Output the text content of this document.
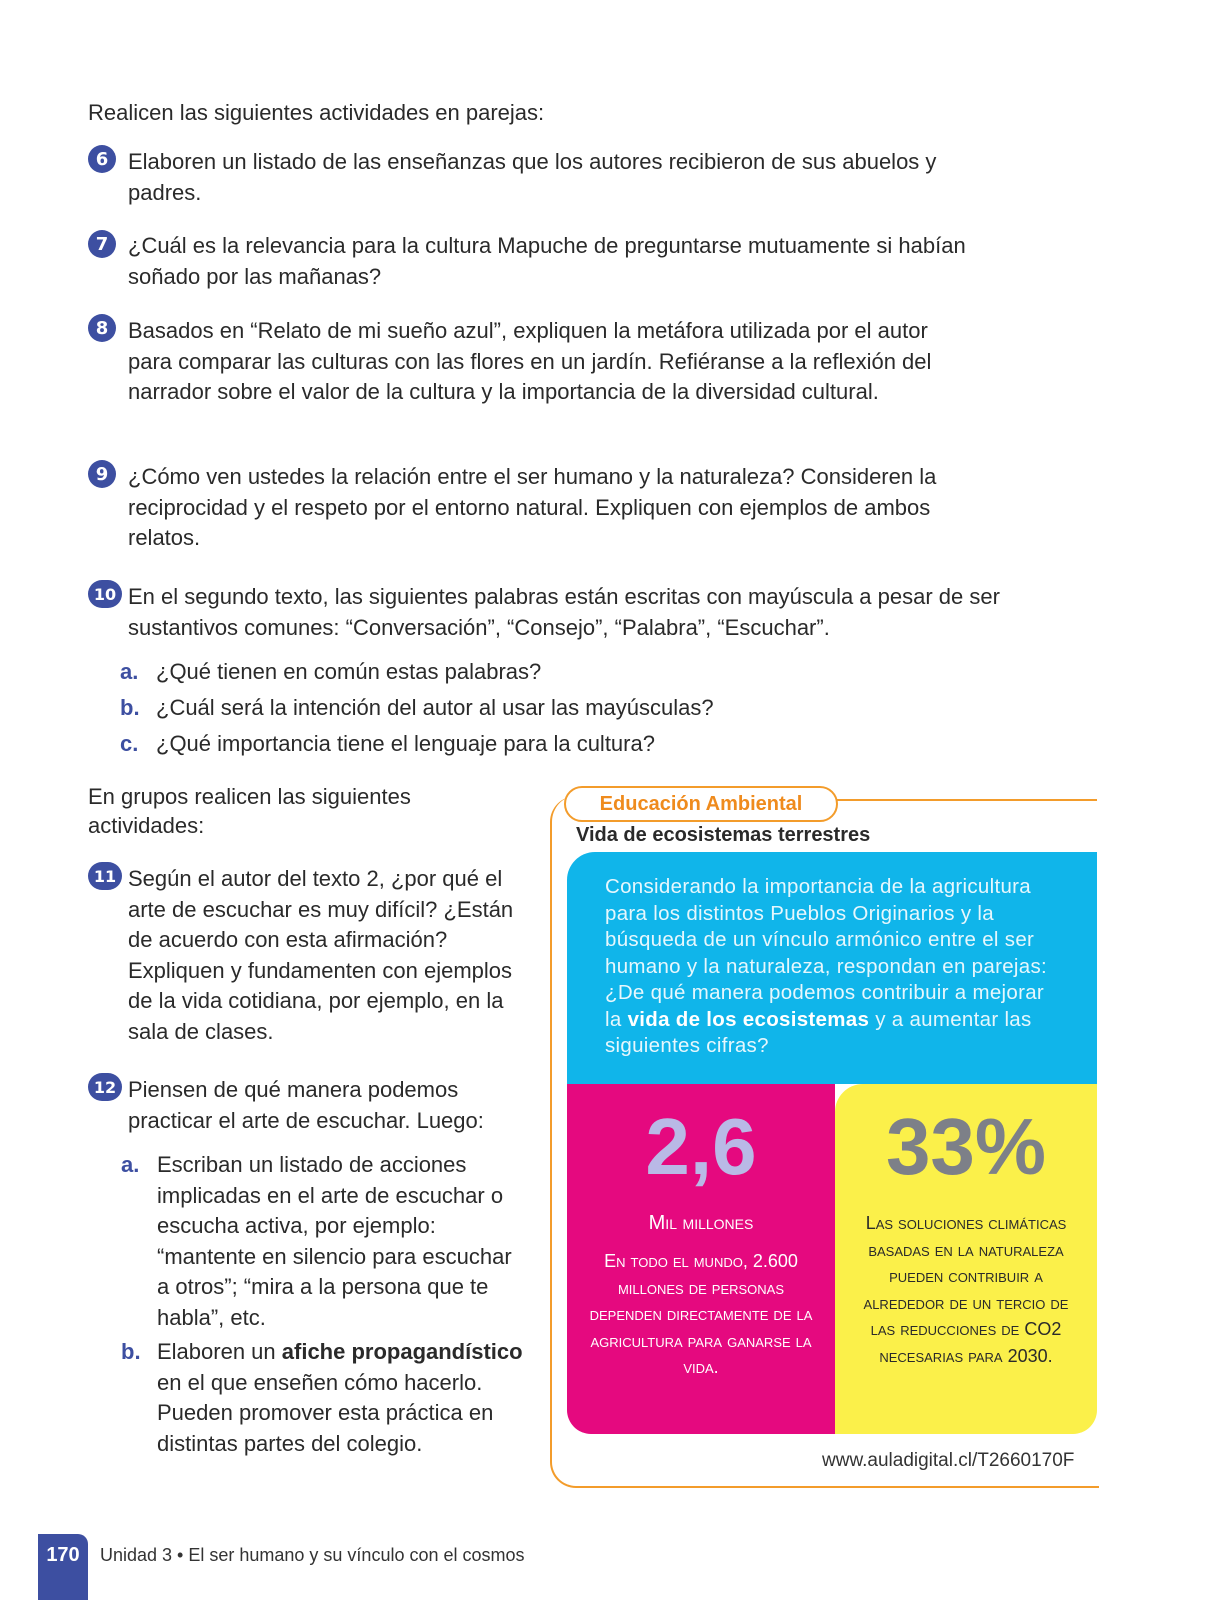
Realicen las siguientes actividades en parejas:

6 Elaboren un listado de las enseñanzas que los autores recibieron de sus abuelos y padres.

7 ¿Cuál es la relevancia para la cultura Mapuche de preguntarse mutuamente si habían soñado por las mañanas?

8 Basados en “Relato de mi sueño azul”, expliquen la metáfora utilizada por el autor para comparar las culturas con las flores en un jardín. Refiéranse a la reflexión del narrador sobre el valor de la cultura y la importancia de la diversidad cultural.

9 ¿Cómo ven ustedes la relación entre el ser humano y la naturaleza? Consideren la reciprocidad y el respeto por el entorno natural. Expliquen con ejemplos de ambos relatos.

10 En el segundo texto, las siguientes palabras están escritas con mayúscula a pesar de ser sustantivos comunes: “Conversación”, “Consejo”, “Palabra”, “Escuchar”.

a. ¿Qué tienen en común estas palabras?
b. ¿Cuál será la intención del autor al usar las mayúsculas?
c. ¿Qué importancia tiene el lenguaje para la cultura?

En grupos realicen las siguientes actividades:

11 Según el autor del texto 2, ¿por qué el arte de escuchar es muy difícil? ¿Están de acuerdo con esta afirmación? Expliquen y fundamenten con ejemplos de la vida cotidiana, por ejemplo, en la sala de clases.

12 Piensen de qué manera podemos practicar el arte de escuchar. Luego:

a. Escriban un listado de acciones implicadas en el arte de escuchar o escucha activa, por ejemplo: “mantente en silencio para escuchar a otros”; “mira a la persona que te habla”, etc.
b. Elaboren un afiche propagandístico en el que enseñen cómo hacerlo. Pueden promover esta práctica en distintas partes del colegio.
Educación Ambiental
Vida de ecosistemas terrestres

Considerando la importancia de la agricultura para los distintos Pueblos Originarios y la búsqueda de un vínculo armónico entre el ser humano y la naturaleza, respondan en parejas: ¿De qué manera podemos contribuir a mejorar la vida de los ecosistemas y a aumentar las siguientes cifras?

2,6
Mil millones
En todo el mundo, 2.600 millones de personas dependen directamente de la agricultura para ganarse la vida.
33%
Las soluciones climáticas basadas en la naturaleza pueden contribuir a alrededor de un tercio de las reducciones de CO2 necesarias para 2030.
www.auladigital.cl/T2660170F
170	Unidad 3 • El ser humano y su vínculo con el cosmos
